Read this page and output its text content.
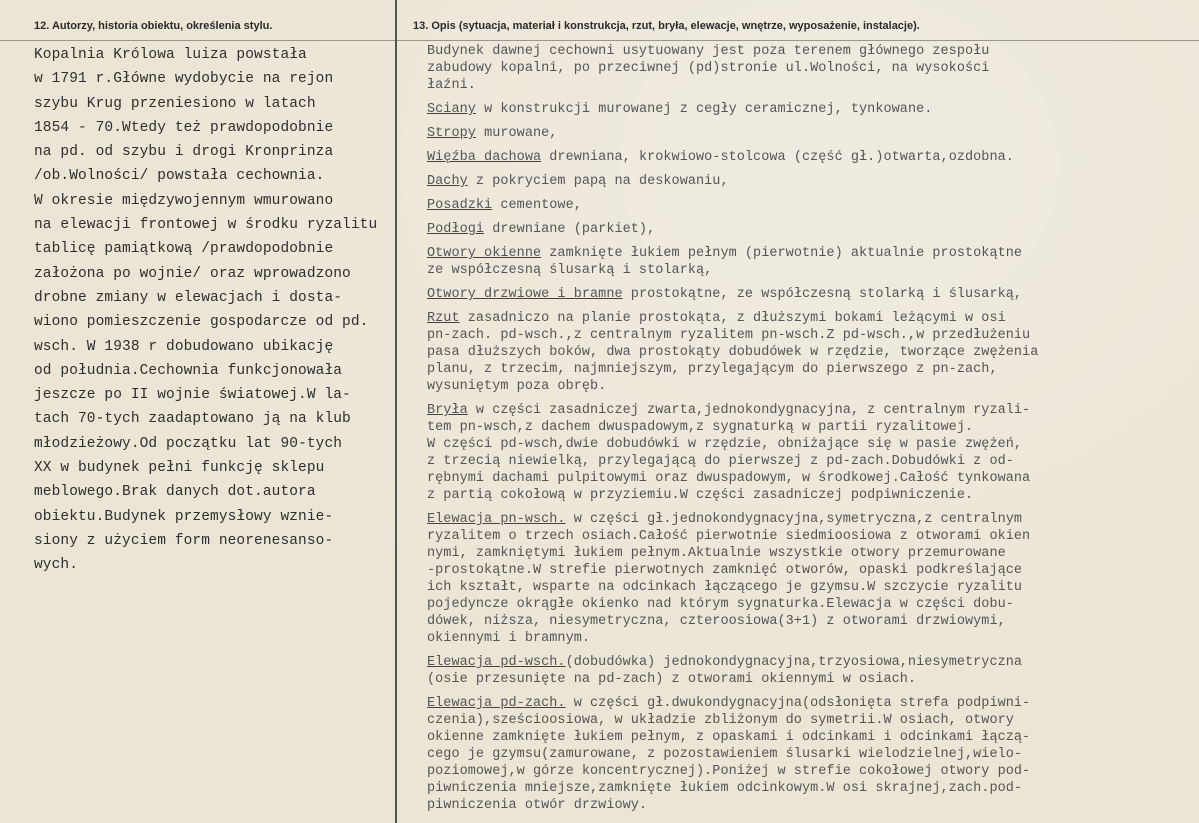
12. Autorzy, historia obiektu, określenia stylu.	13. Opis (sytuacja, materiał i konstrukcja, rzut, bryła, elewacje, wnętrze, wyposażenie, instalacje).
Kopalnia Królowa luiza powstała
w 1791 r.Główne wydobycie na rejon
szybu Krug przeniesiono w latach
1854 - 70.Wtedy też prawdopodobnie
na pd. od szybu i drogi Kronprinza
/ob.Wolności/ powstała cechownia.
W okresie międzywojennym wmurowano
na elewacji frontowej w środku ryzalitu
tablicę pamiątkową /prawdopodobnie
założona po wojnie/ oraz wprowadzono
drobne zmiany w elewacjach i dosta-
wiono pomieszczenie gospodarcze od pd.
wsch. W 1938 r dobudowano ubikację
od południa.Cechownia funkcjonowała
jeszcze po II wojnie światowej.W la-
tach 70-tych zaadaptowano ją na klub
młodzieżowy.Od początku lat 90-tych
XX w budynek pełni funkcję sklepu
meblowego.Brak danych dot.autora
obiektu.Budynek przemysłowy wznie-
siony z użyciem form neorenesanso-
wych.
Budynek dawnej cechowni usytuowany jest poza terenem głównego zespołu
zabudowy kopalni, po przeciwnej (pd)stronie ul.Wolności, na wysokości
łaźni.
Sciany w konstrukcji murowanej z cegły ceramicznej, tynkowane.
Stropy murowane,
Więźba dachowa drewniana, krokwiowo-stolcowa (część gł.)otwarta,ozdobna.
Dachy z pokryciem papą na deskowaniu,
Posadzki cementowe,
Podłogi drewniane (parkiet),
Otwory okienne zamknięte łukiem pełnym (pierwotnie) aktualnie prostokątne
ze współczesną ślusarką i stolarką,
Otwory drzwiowe i bramne prostokątne, ze współczesną stolarką i ślusarką,
Rzut zasadniczo na planie prostokąta, z dłuższymi bokami leżącymi w osi
pn-zach. pd-wsch.,z centralnym ryzalitem pn-wsch.Z pd-wsch.,w przedłużeniu
pasa dłuższych boków, dwa prostokąty dobudówek w rzędzie, tworzące zwężenia
planu, z trzecim, najmniejszym, przylegającym do pierwszego z pn-zach,
wysuniętym poza obręb.
Bryła w części zasadniczej zwarta,jednokondygnacyjna, z centralnym ryzali-
tem pn-wsch,z dachem dwuspadowym,z sygnaturką w partii ryzalitowej.
W części pd-wsch,dwie dobudówki w rzędzie, obniżające się w pasie zwężeń,
z trzecią niewielką, przylegającą do pierwszej z pd-zach.Dobudówki z od-
rębnymi dachami pulpitowymi oraz dwuspadowym, w środkowej.Całość tynkowana
z partią cokołową w przyziemiu.W części zasadniczej podpiwniczenie.
Elewacja pn-wsch. w części gł.jednokondygnacyjna,symetryczna,z centralnym
ryzalitem o trzech osiach.Całość pierwotnie siedmioosiowa z otworami okien
nymi, zamkniętymi łukiem pełnym.Aktualnie wszystkie otwory przemurowane
-prostokątne.W strefie pierwotnych zamknięć otworów, opaski podkreślające
ich kształt, wsparte na odcinkach łączącego je gzymsu.W szczycie ryzalitu
pojedyncze okrągłe okienko nad którym sygnaturka.Elewacja w części dobu-
dówek, niższa, niesymetryczna, czteroosiowa(3+1) z otworami drzwiowymi,
okiennymi i bramnym.
Elewacja pd-wsch.(dobudówka) jednokondygnacyjna,trzyosiowa,niesymetryczna
(osie przesunięte na pd-zach) z otworami okiennymi w osiach.
Elewacja pd-zach. w części gł.dwukondygnacyjna(odsłonięta strefa podpiwni-
czenia),sześcioosiowa, w układzie zbliżonym do symetrii.W osiach, otwory
okienne zamknięte łukiem pełnym, z opaskami i odcinkami i odcinkami łączą-
cego je gzymsu(zamurowane, z pozostawieniem ślusarki wielodzielnej,wielo-
poziomowej,w górze koncentrycznej).Poniżej w strefie cokołowej otwory pod-
piwniczenia mniejsze,zamknięte łukiem odcinkowym.W osi skrajnej,zach.pod-
piwniczenia otwór drzwiowy.
